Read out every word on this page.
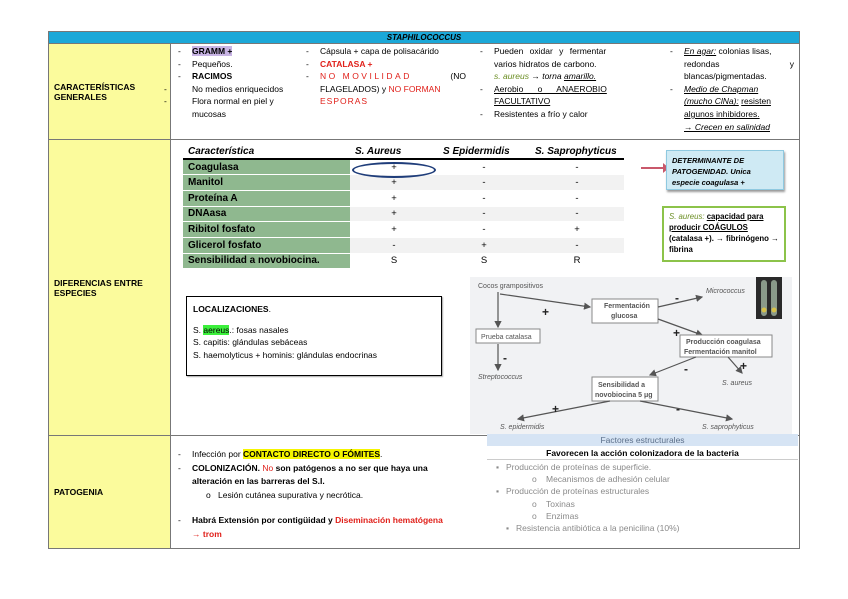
STAPHILOCOCCUS
CARACTERÍSTICAS GENERALES
DIFERENCIAS ENTRE ESPECIES
PATOGENIA
- GRAMM +
- Pequeños.
- RACIMOS
-	No medios enriquecidos
-	Flora normal en piel y mucosas
- Cápsula + capa de polisacárido
- CATALASA +
- NO MOVILIDAD	(NO
FLAGELADOS) y NO FORMAN
ESPORAS
- Pueden oxidar y fermentar
varios hidratos de carbono.
s. aureus → torna amarillo.
- Aerobio o ANAEROBIO
FACULTATIVO
- Resistentes a frío y calor
- En agar: colonias lisas,
redondas	y
blancas/pigmentadas.
- Medio de Chapman
(mucho ClNa): resisten
algunos inhibidores.
→ Crecen en salinidad
Característica	S. Aureus	S Epidermidis	S. Saprophyticus
Coagulasa	+	-	-
Manitol	+	-	-
Proteína A	+	-	-
DNAasa	+	-	-
Ribitol fosfato	+	-	+
Glicerol fosfato	-	+	-
Sensibilidad a novobiocina.	S	S	R
DETERMINANTE DE PATOGENIDAD. Unica especie coagulasa +
S. aureus: capacidad para producir COÁGULOS (catalasa +). → fibrinógeno → fibrina
LOCALIZACIONES.
S. aereus.: fosas nasales
S. capitis: glándulas sebáceas
S. haemolyticus + hominis: glándulas endocrinas
Cocos grampositivos
Prueba catalasa
+	Fermentación
glucosa
-	Micrococcus
+
Producción coagulasa
Fermentación manitol
-
Streptococcus
+
S. aureus
-
Sensibilidad a
novobiocina 5 μg
+
S. epidermidis
-
S. saprophyticus
- Infección por CONTACTO DIRECTO O FÓMITES.
- COLONIZACIÓN. No son patógenos a no ser que haya una
alteración en las barreras del S.I.
o Lesión cutánea supurativa y necrótica.
- Habrá Extensión por contigüidad y Diseminación hematógena
→ trom
Factores estructurales
Favorecen la acción colonizadora de la bacteria
▪ Producción de proteínas de superficie.
o Mecanismos de adhesión celular
▪ Producción de proteínas estructurales
o Toxinas
o Enzimas
▪ Resistencia antibiótica a la penicilina (10%)
